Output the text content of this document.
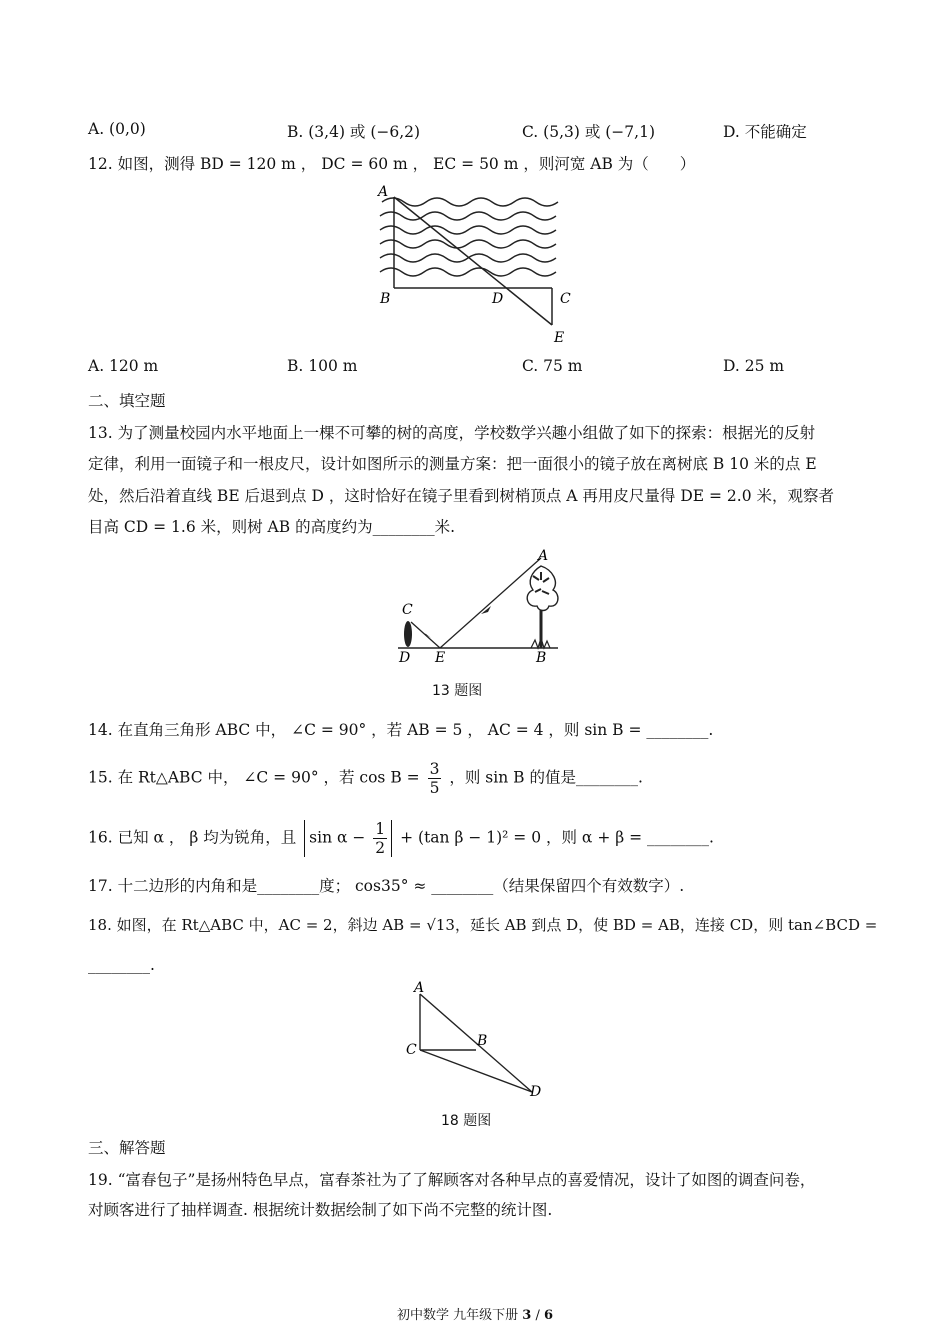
A. (0,0)	B. (3,4) 或 (−6,2)	C. (5,3) 或 (−7,1)	D. 不能确定
12. 如图，测得 BD = 120 m ， DC = 60 m ， EC = 50 m ，则河宽 AB 为（　　）
A
B	D	C
E
A. 120 m	B. 100 m	C. 75 m	D. 25 m
二、填空题
13. 为了测量校园内水平地面上一棵不可攀的树的高度，学校数学兴趣小组做了如下的探索：根据光的反射
定律，利用一面镜子和一根皮尺，设计如图所示的测量方案：把一面很小的镜子放在离树底 B 10 米的点 E
处，然后沿着直线 BE 后退到点 D ，这时恰好在镜子里看到树梢顶点 A 再用皮尺量得 DE = 2.0 米，观察者
目高 CD = 1.6 米，则树 AB 的高度约为________米.
A
C
D E	B
13 题图
14. 在直角三角形 ABC 中， ∠C = 90° ，若 AB = 5 ， AC = 4 ，则 sin B = ________.
15. 在 Rt△ABC 中， ∠C = 90° ，若 $\cos B = \frac{3}{5}$ ，则 sin B 的值是________.
16. 已知 α ， β 均为锐角，且 $\sin \alpha - \frac{1}{2} + (\tan$ β − 1)² = 0 ，则 α + β = ________.
17. 十二边形的内角和是________度； cos35° ≈ ________（结果保留四个有效数字）.
18. 如图，在 Rt△ABC 中，AC = 2，斜边 AB = √13，延长 AB 到点 D，使 BD = AB，连接 CD，则 tan∠BCD =
________.
A
B
C
D
18 题图
三、解答题
19. “富春包子”是扬州特色早点，富春茶社为了了解顾客对各种早点的喜爱情况，设计了如图的调查问卷，
对顾客进行了抽样调查. 根据统计数据绘制了如下尚不完整的统计图.
初中数学 九年级下册 3 / 6
